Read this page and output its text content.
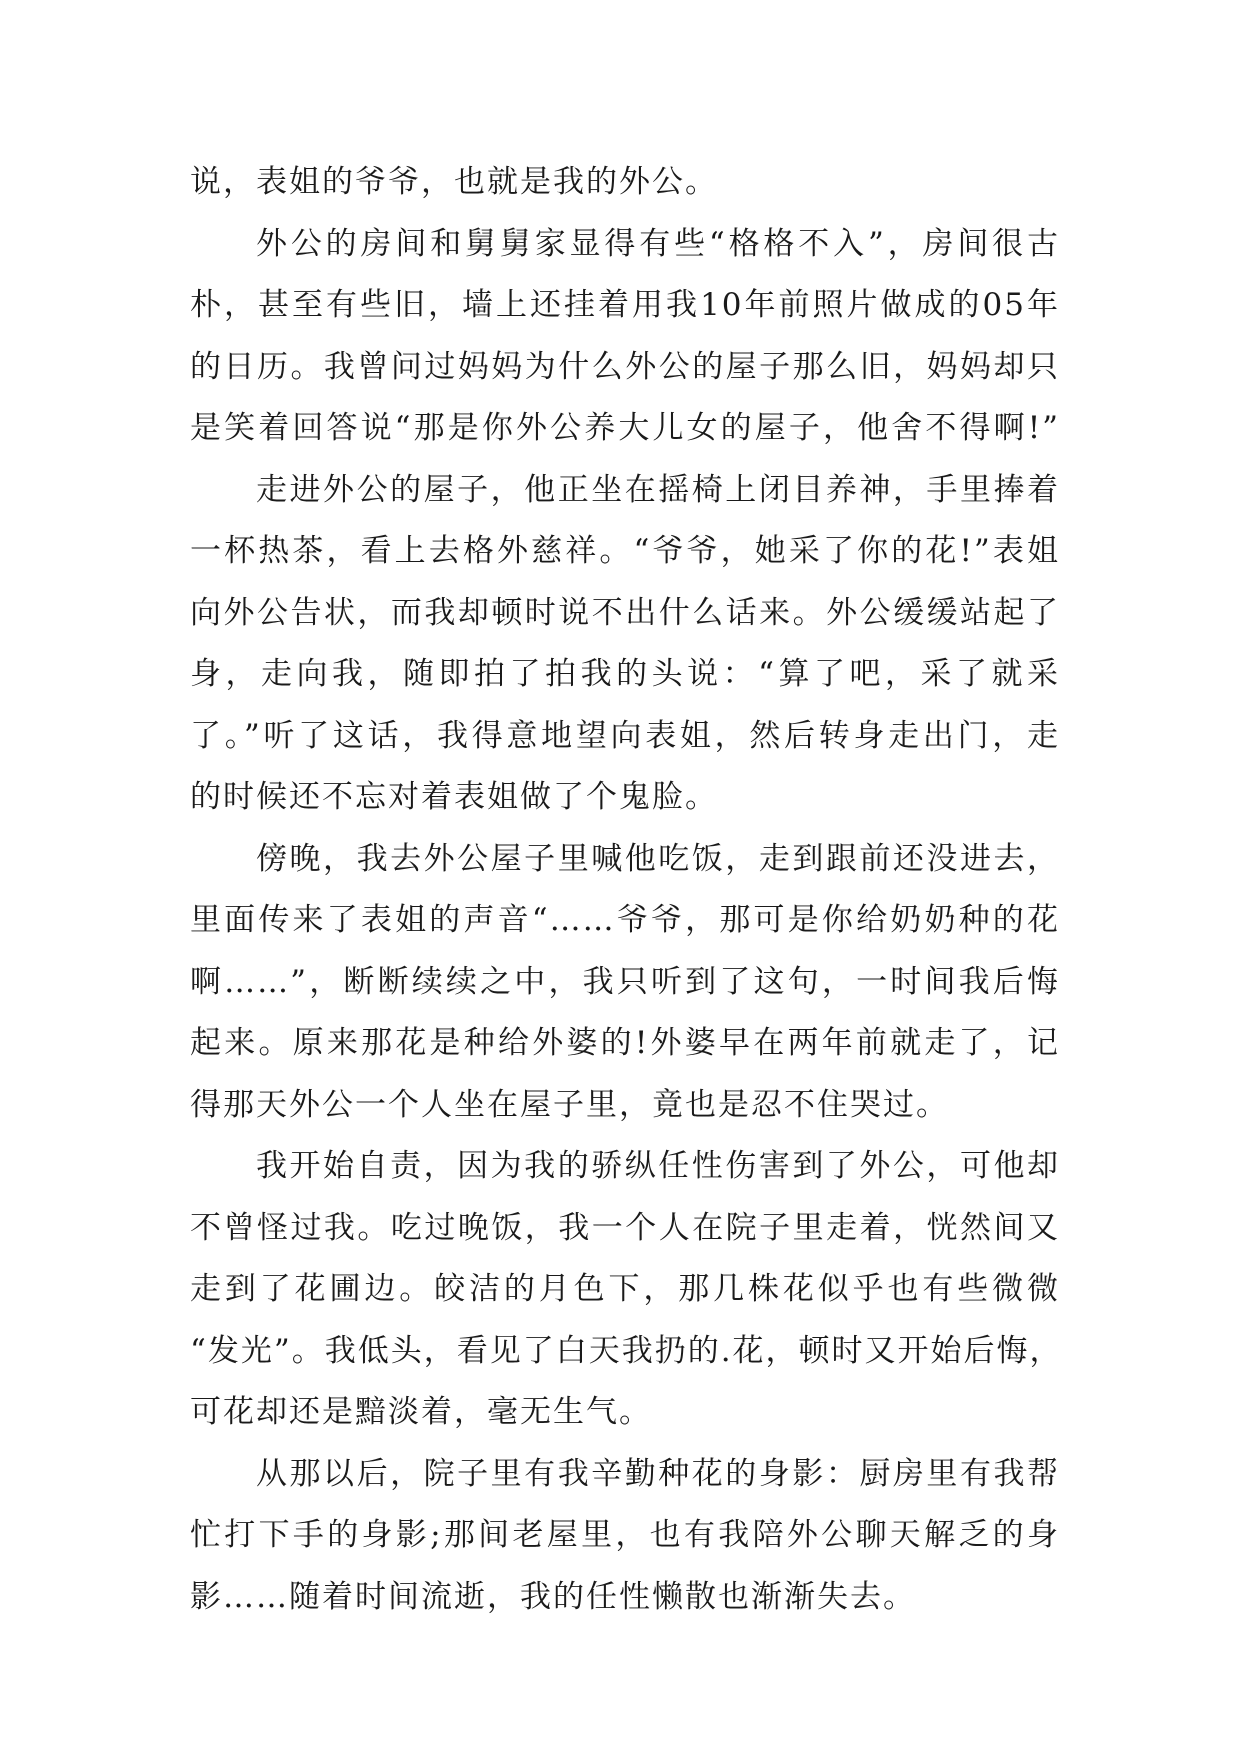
说，表姐的爷爷，也就是我的外公。
外公的房间和舅舅家显得有些“格格不入”，房间很古
朴，甚至有些旧，墙上还挂着用我10年前照片做成的05年
的日历。我曾问过妈妈为什么外公的屋子那么旧，妈妈却只
是笑着回答说“那是你外公养大儿女的屋子，他舍不得啊!”
走进外公的屋子，他正坐在摇椅上闭目养神，手里捧着
一杯热茶，看上去格外慈祥。“爷爷，她采了你的花!”表姐
向外公告状，而我却顿时说不出什么话来。外公缓缓站起了
身，走向我，随即拍了拍我的头说：“算了吧，采了就采
了。”听了这话，我得意地望向表姐，然后转身走出门，走
的时候还不忘对着表姐做了个鬼脸。
傍晚，我去外公屋子里喊他吃饭，走到跟前还没进去，
里面传来了表姐的声音“……爷爷，那可是你给奶奶种的花
啊……”，断断续续之中，我只听到了这句，一时间我后悔
起来。原来那花是种给外婆的!外婆早在两年前就走了，记
得那天外公一个人坐在屋子里，竟也是忍不住哭过。
我开始自责，因为我的骄纵任性伤害到了外公，可他却
不曾怪过我。吃过晚饭，我一个人在院子里走着，恍然间又
走到了花圃边。皎洁的月色下，那几株花似乎也有些微微
“发光”。我低头，看见了白天我扔的.花，顿时又开始后悔，
可花却还是黯淡着，毫无生气。
从那以后，院子里有我辛勤种花的身影：厨房里有我帮
忙打下手的身影;那间老屋里，也有我陪外公聊天解乏的身
影……随着时间流逝，我的任性懒散也渐渐失去。
